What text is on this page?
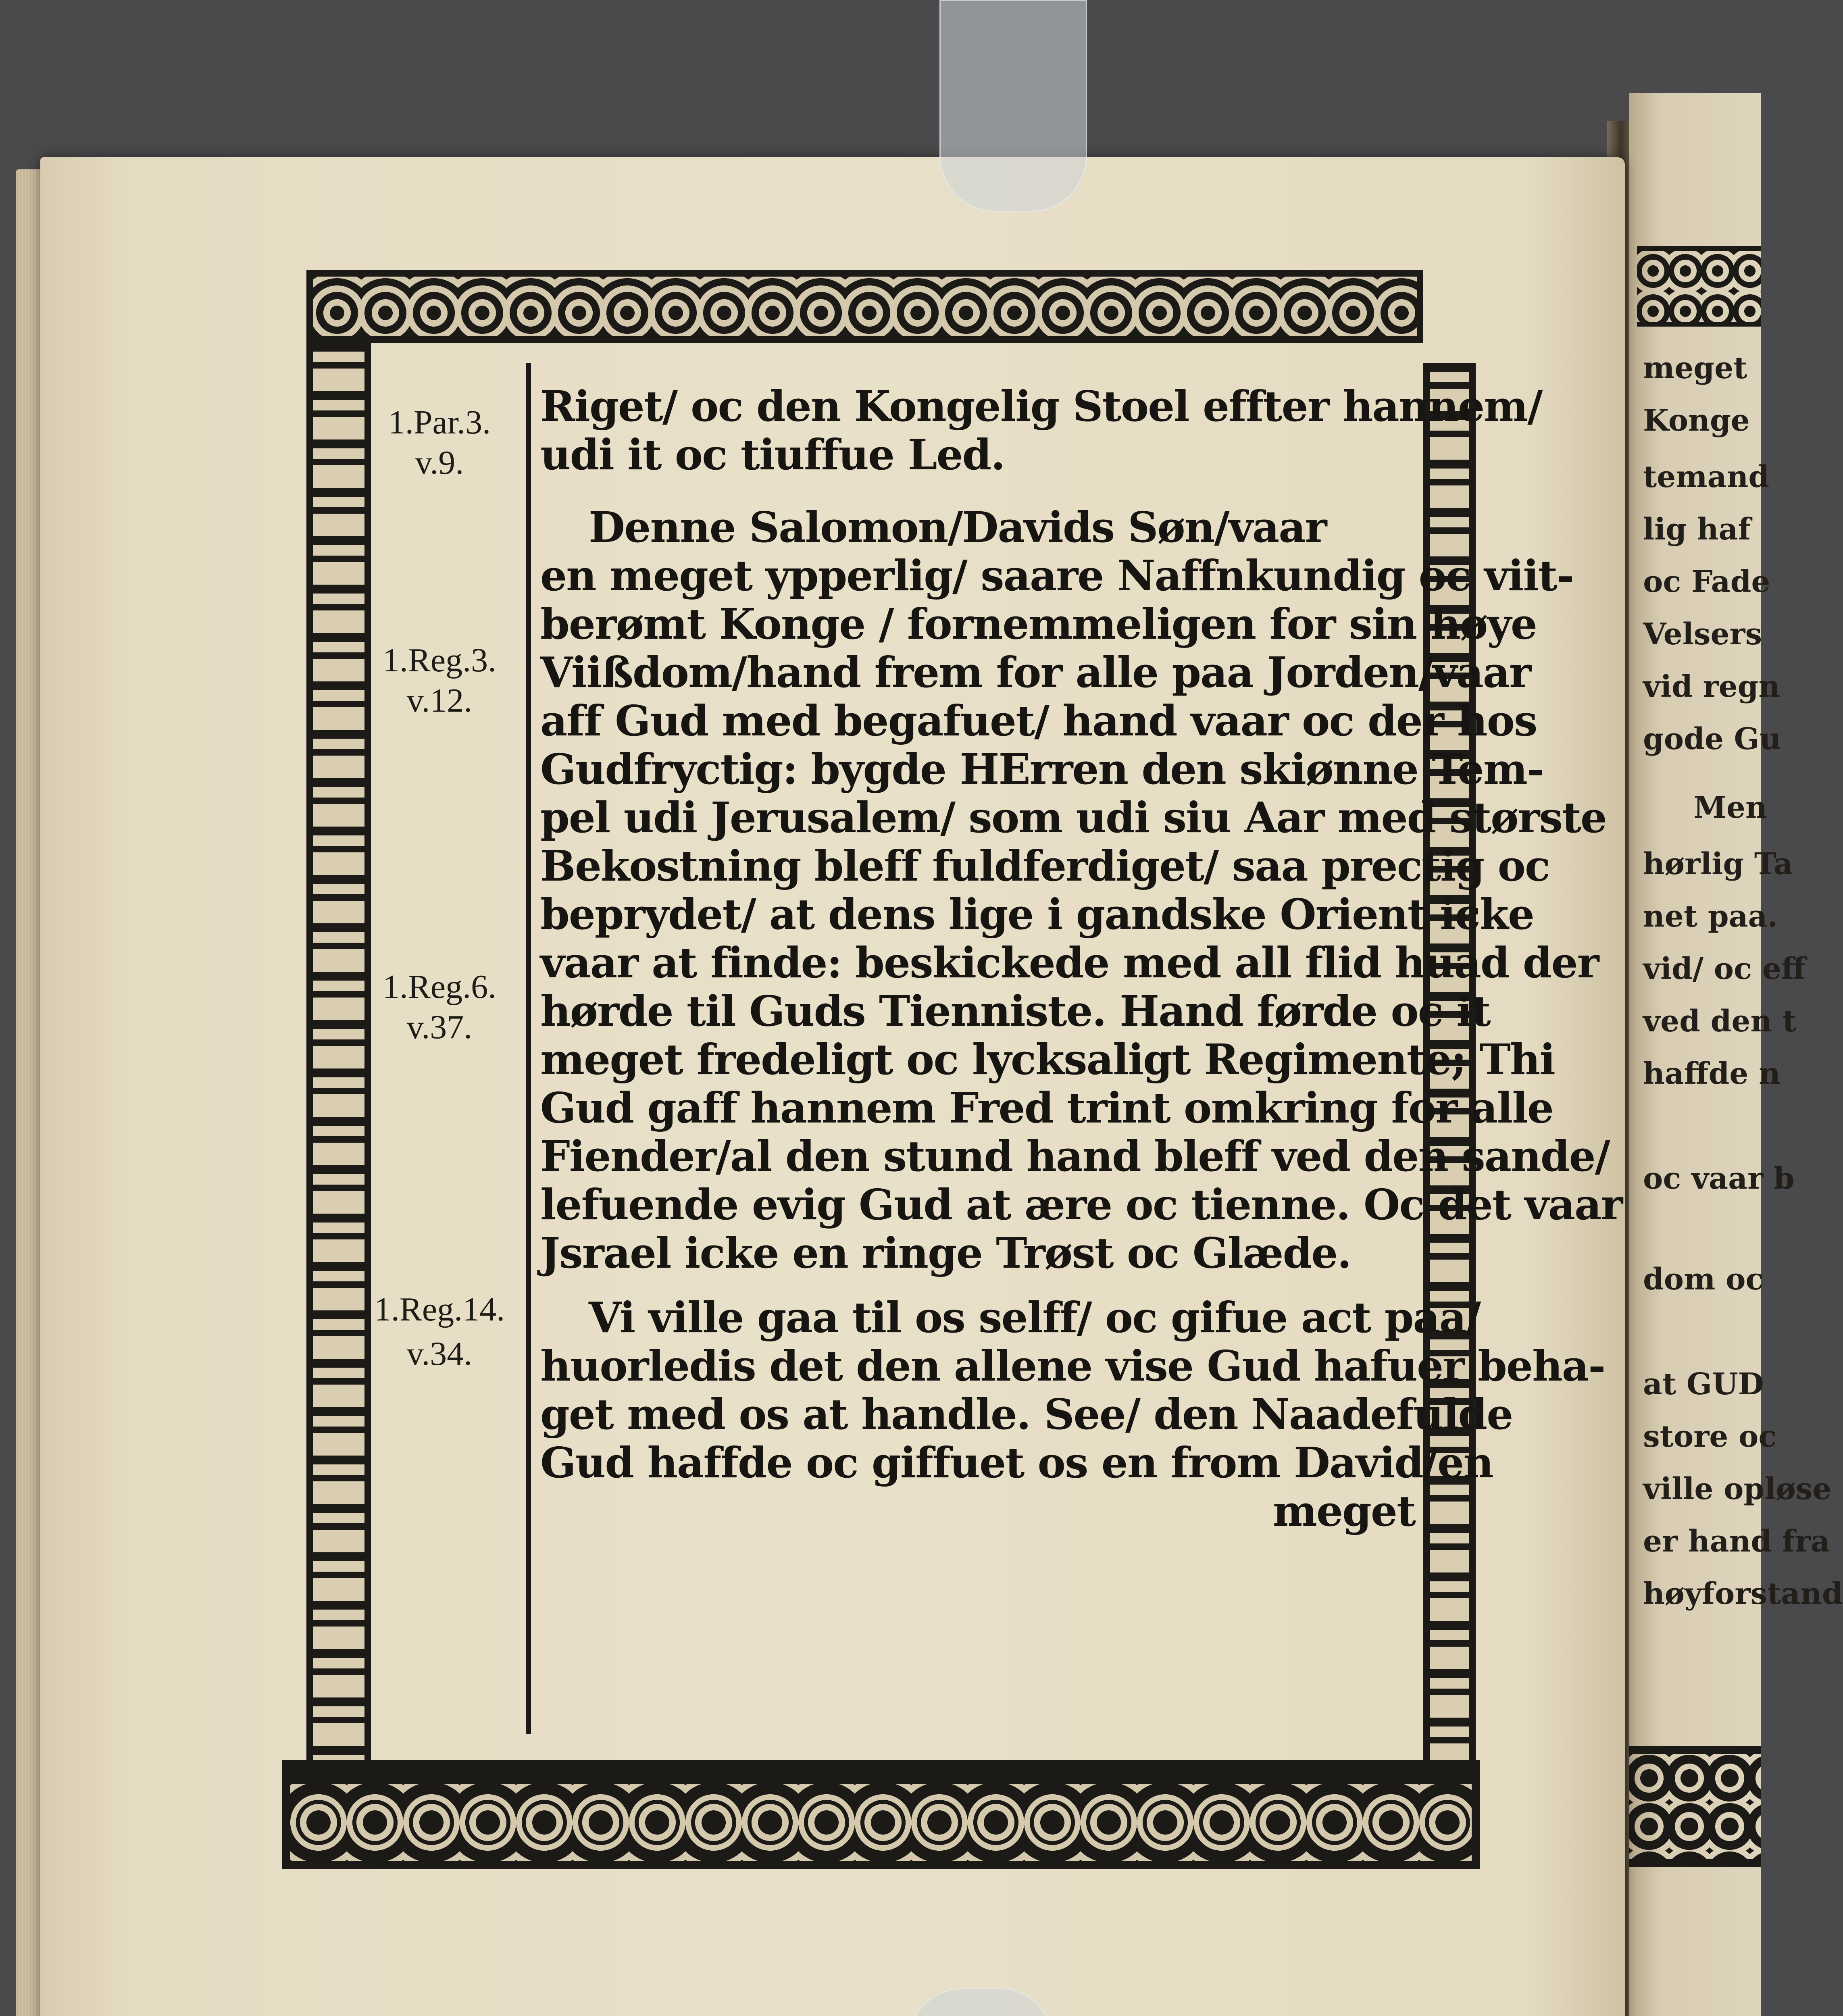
1.Par.3.
v.9.
1.Reg.3.
v.12.
1.Reg.6.
v.37.
1.Reg.14.
v.34.
Riget/ oc den Kongelig Stoel effter hannem/
udi it oc tiuffue Led.
Denne Salomon/Davids Søn/vaar
en meget ypperlig/ saare Naffnkundig oc viit-
berømt Konge / fornemmeligen for sin høye
Viißdom/hand frem for alle paa Jorden/vaar
aff Gud med begafuet/ hand vaar oc der hos
Gudfryctig: bygde HErren den skiønne Tem-
pel udi Jerusalem/ som udi siu Aar med største
Bekostning bleff fuldferdiget/ saa prectig oc
beprydet/ at dens lige i gandske Orient icke
vaar at finde: beskickede med all flid huad der
hørde til Guds Tienniste. Hand førde oc it
meget fredeligt oc lycksaligt Regimente; Thi
Gud gaff hannem Fred trint omkring for alle
Fiender/al den stund hand bleff ved den sande/
lefuende evig Gud at ære oc tienne. Oc det vaar
Jsrael icke en ringe Trøst oc Glæde.
Vi ville gaa til os selff/ oc gifue act paa/
huorledis det den allene vise Gud hafuer beha-
get med os at handle. See/ den Naadefulde
Gud haffde oc giffuet os en from David/en
meget
meget
Konge
temand
lig haf
oc Fade
Velsers
vid regn
gode Gu
Men
hørlig Ta
net paa.
vid/ oc eff
ved den t
haffde n
oc vaar b
dom oc
at GUD
store oc
ville opløse
er hand fra
høyforstand
